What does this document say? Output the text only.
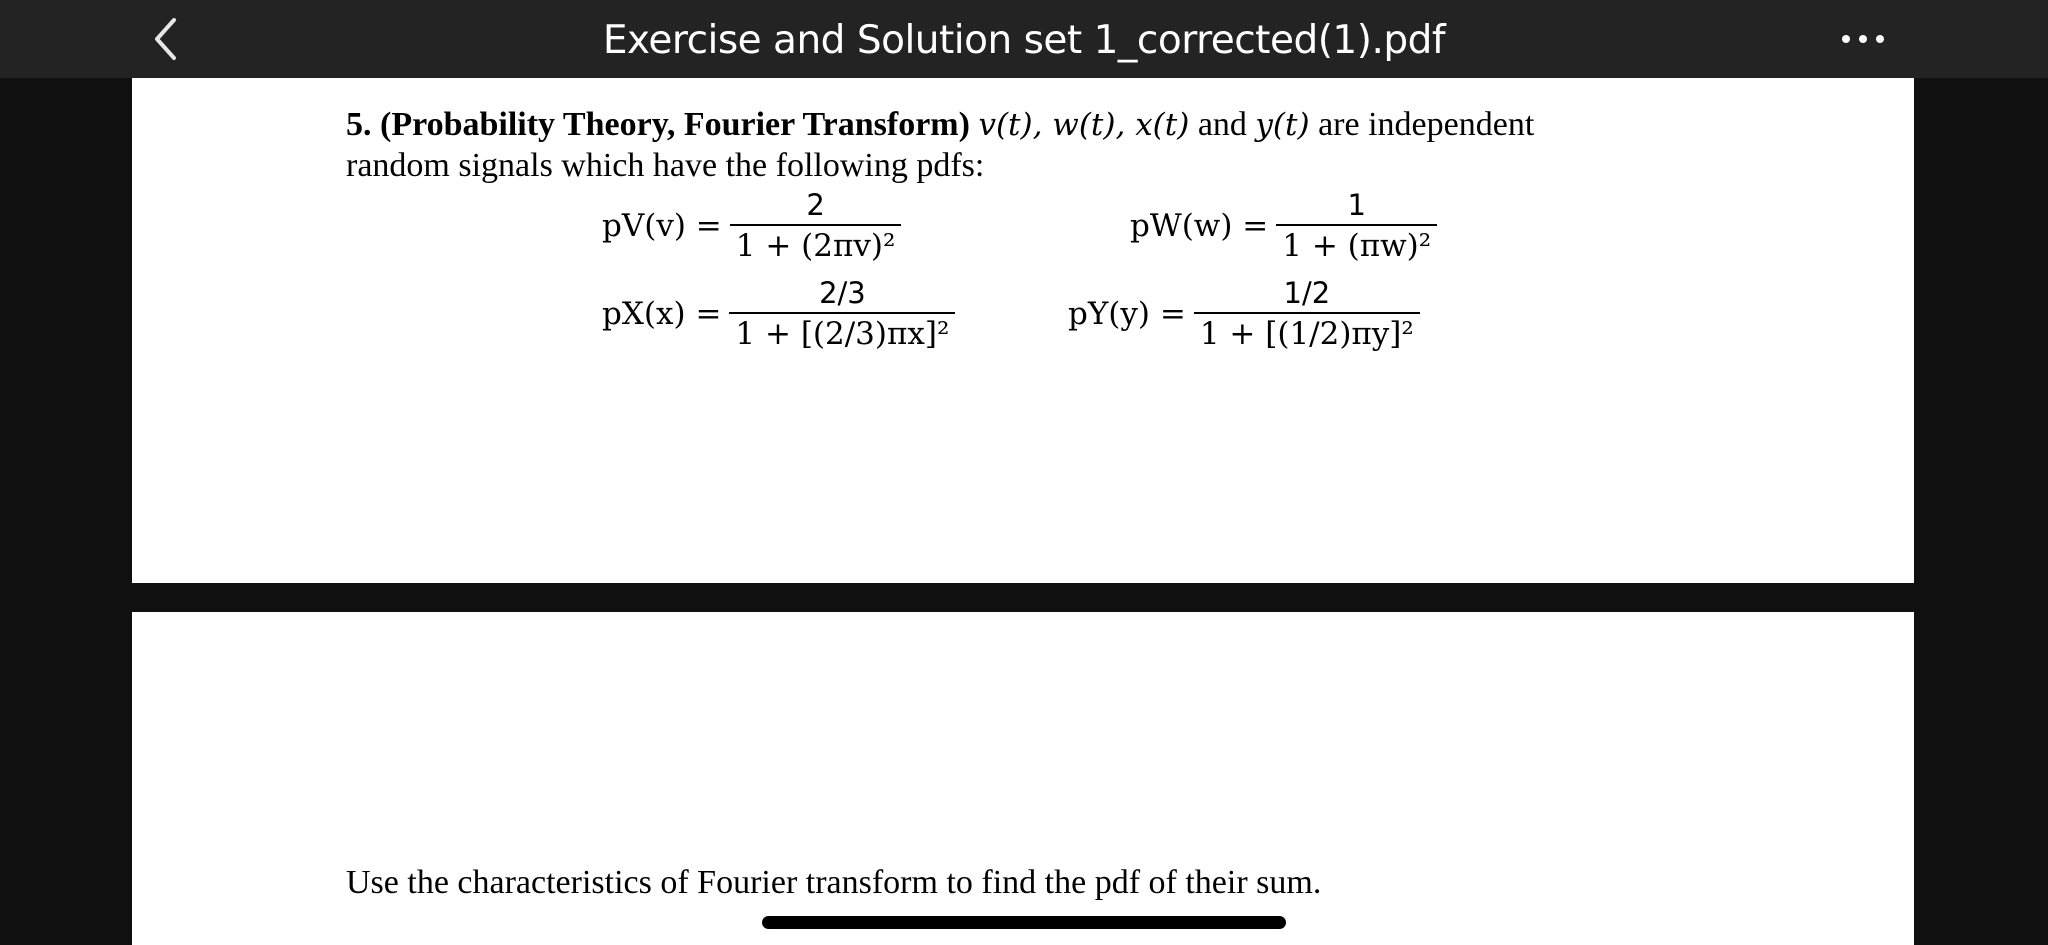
Exercise and Solution set 1_corrected(1).pdf
5. (Probability Theory, Fourier Transform) v(t), w(t), x(t) and y(t) are independent
random signals which have the following pdfs:
$pV(v) = \frac{2}{\text{1 + (2πv)²}}$	$pW(w) = \frac{1}{\text{1 + (πw)²}}$
$pX(x) = \frac{2/3}{\text{1 + [(2/3)πx]²}}$	$pY(y) = \frac{1/2}{\text{1 + [(1/2)πy]²}}$
Use the characteristics of Fourier transform to find the pdf of their sum.
